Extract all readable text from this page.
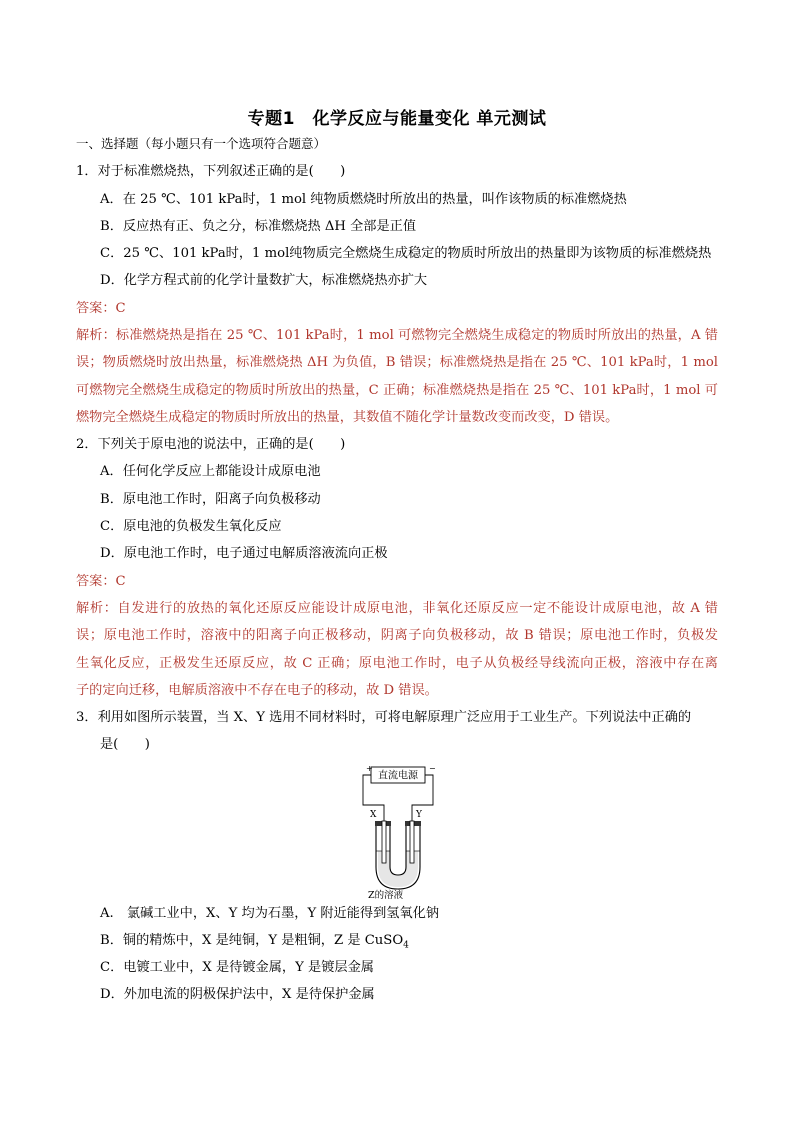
专题1　化学反应与能量变化 单元测试
一、选择题（每小题只有一个选项符合题意）
1．对于标准燃烧热，下列叙述正确的是(　　)
A．在 25 ℃、101 kPa时，1 mol 纯物质燃烧时所放出的热量，叫作该物质的标准燃烧热
B．反应热有正、负之分，标准燃烧热 ΔH 全部是正值
C．25 ℃、101 kPa时，1 mol纯物质完全燃烧生成稳定的物质时所放出的热量即为该物质的标准燃烧热
D．化学方程式前的化学计量数扩大，标准燃烧热亦扩大
答案：C
解析：标准燃烧热是指在 25 ℃、101 kPa时，1 mol 可燃物完全燃烧生成稳定的物质时所放出的热量，A 错
误；物质燃烧时放出热量，标准燃烧热 ΔH 为负值，B 错误；标准燃烧热是指在 25 ℃、101 kPa时，1 mol
可燃物完全燃烧生成稳定的物质时所放出的热量，C 正确；标准燃烧热是指在 25 ℃、101 kPa时，1 mol 可
燃物完全燃烧生成稳定的物质时所放出的热量，其数值不随化学计量数改变而改变，D 错误。
2．下列关于原电池的说法中，正确的是(　　)
A．任何化学反应上都能设计成原电池
B．原电池工作时，阳离子向负极移动
C．原电池的负极发生氧化反应
D．原电池工作时，电子通过电解质溶液流向正极
答案：C
解析：自发进行的放热的氧化还原反应能设计成原电池，非氧化还原反应一定不能设计成原电池，故 A 错
误；原电池工作时，溶液中的阳离子向正极移动，阴离子向负极移动，故 B 错误；原电池工作时，负极发
生氧化反应，正极发生还原反应，故 C 正确；原电池工作时，电子从负极经导线流向正极，溶液中存在离
子的定向迁移，电解质溶液中不存在电子的移动，故 D 错误。
3．利用如图所示装置，当 X、Y 选用不同材料时，可将电解原理广泛应用于工业生产。下列说法中正确的
是(　　)
直流电源
+	−
X	Y
Z的溶液
A.　氯碱工业中，X、Y 均为石墨，Y 附近能得到氢氧化钠
B．铜的精炼中，X 是纯铜，Y 是粗铜，Z 是 CuSO$_4$
C．电镀工业中，X 是待镀金属，Y 是镀层金属
D．外加电流的阴极保护法中，X 是待保护金属
